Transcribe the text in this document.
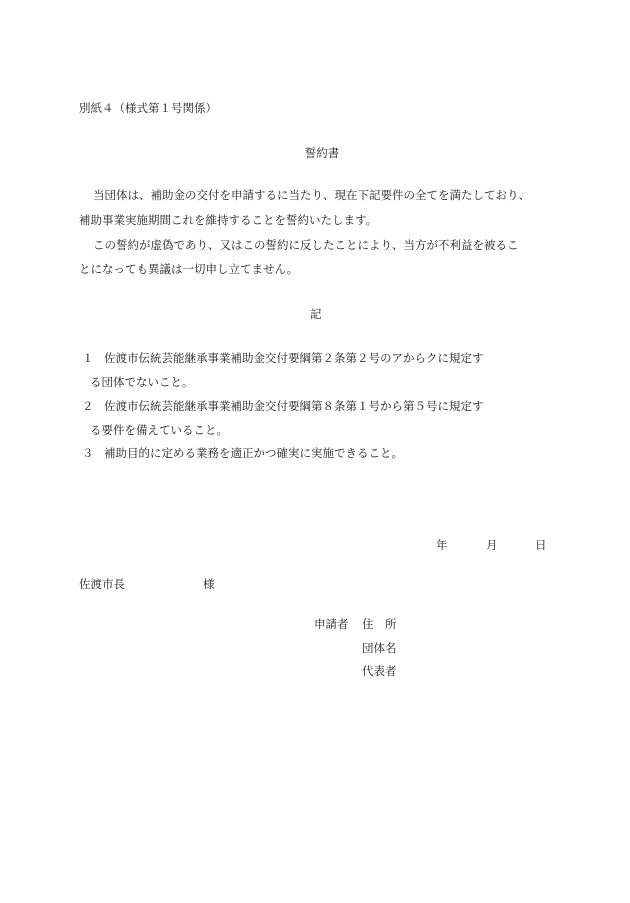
別紙４（様式第１号関係）
誓約書
当団体は、補助金の交付を申請するに当たり、現在下記要件の全てを満たしており、
補助事業実施期間これを維持することを誓約いたします。
この誓約が虚偽であり、又はこの誓約に反したことにより、当方が不利益を被るこ
とになっても異議は一切申し立てません。
記
１ 佐渡市伝統芸能継承事業補助金交付要綱第２条第２号のアからクに規定す
る団体でないこと。
２ 佐渡市伝統芸能継承事業補助金交付要綱第８条第１号から第５号に規定す
る要件を備えていること。
３ 補助目的に定める業務を適正かつ確実に実施できること。
年	月	日
佐渡市長	様
申請者 住　所
団体名
代表者
